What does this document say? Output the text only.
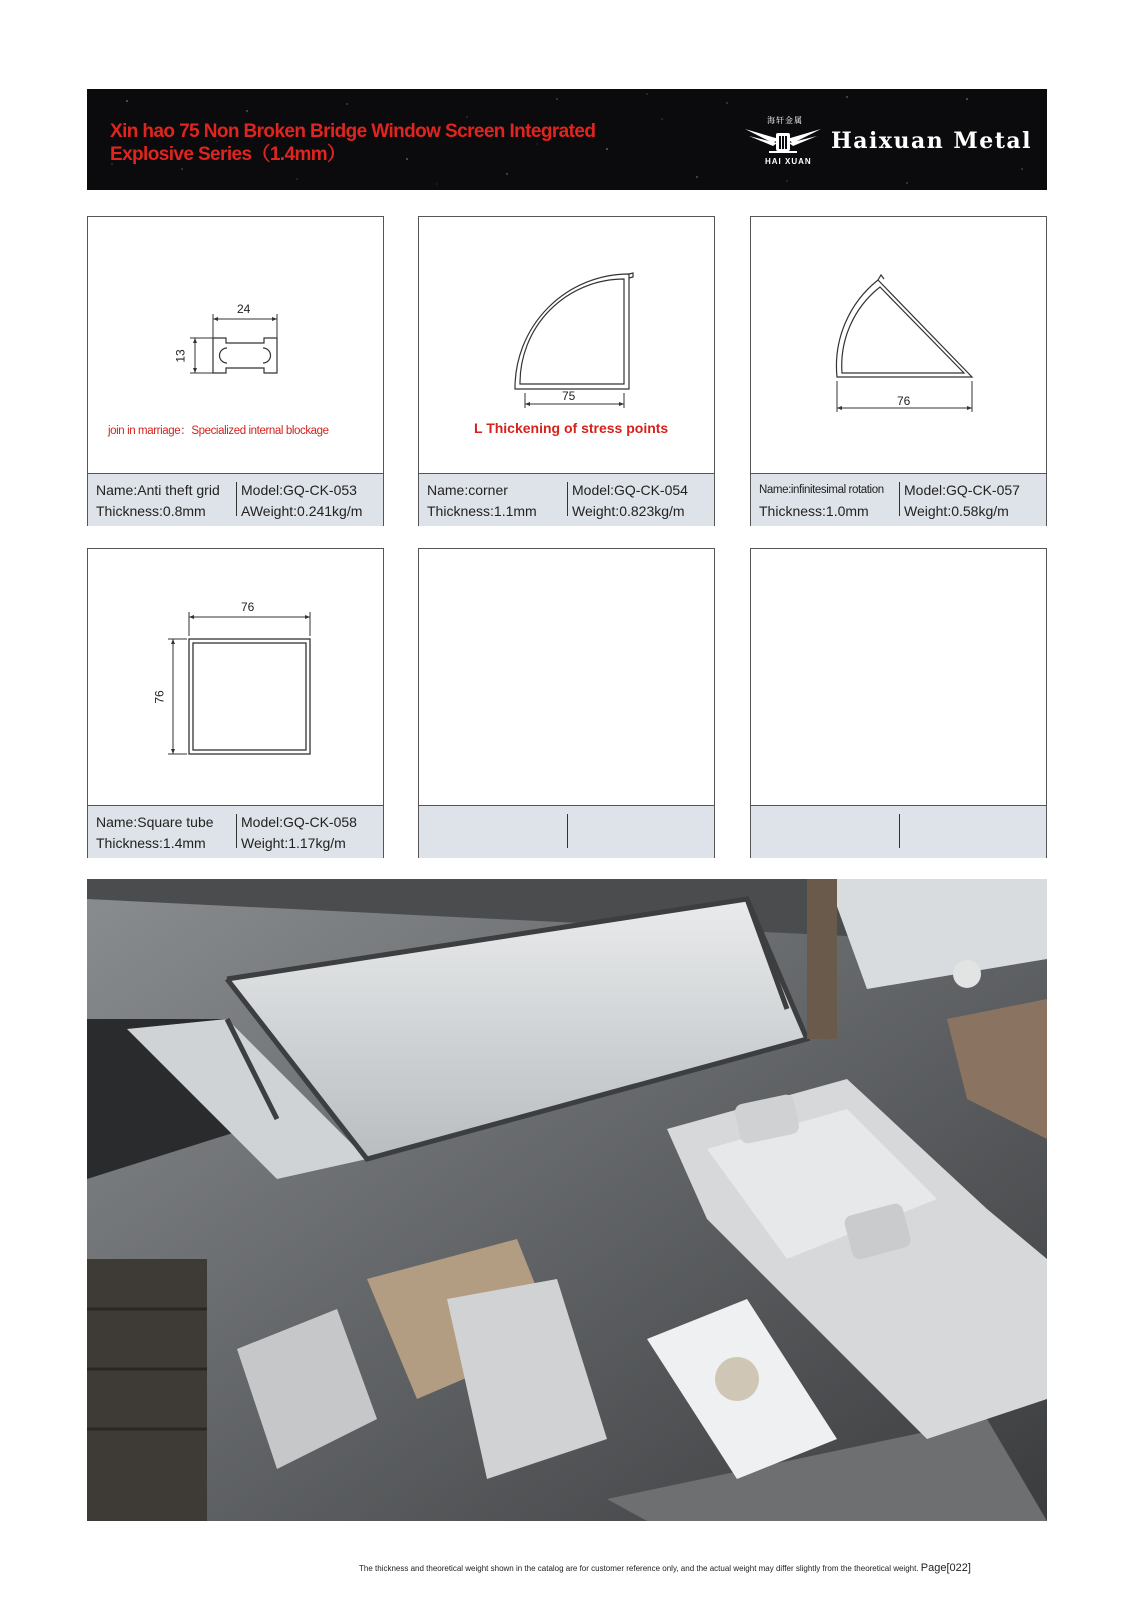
Xin hao 75 Non Broken Bridge Window Screen Integrated
Explosive Series（1.4mm）
海轩金属
HAI XUAN
Haixuan Metal
24
13
join in marriage：Specialized internal blockage
Name:Anti theft grid
Thickness:0.8mm
Model:GQ-CK-053
AWeight:0.241kg/m
75
L Thickening of stress points
Name:corner
Thickness:1.1mm
Model:GQ-CK-054
Weight:0.823kg/m
76
Name:infinitesimal rotation
Thickness:1.0mm
Model:GQ-CK-057
Weight:0.58kg/m
76
76
Name:Square tube
Thickness:1.4mm
Model:GQ-CK-058
Weight:1.17kg/m
The thickness and theoretical weight shown in the catalog are for customer reference only, and the actual weight may differ slightly from the theoretical weight. Page[022]
